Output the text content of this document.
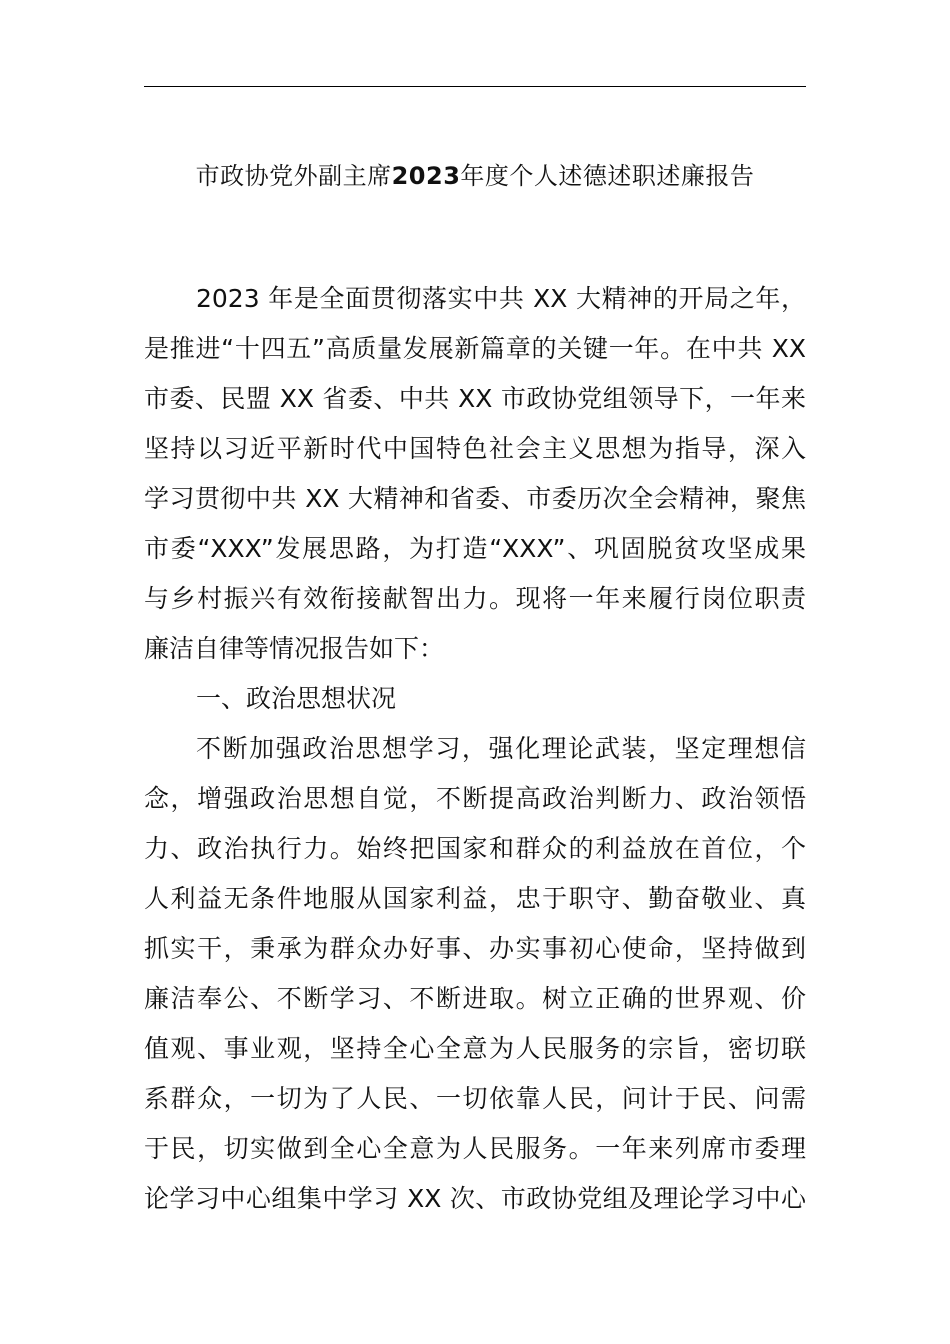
市政协党外副主席2023年度个人述德述职述廉报告
2023 年是全面贯彻落实中共 XX 大精神的开局之年，
是推进“十四五”高质量发展新篇章的关键一年。在中共 XX
市委、民盟 XX 省委、中共 XX 市政协党组领导下，一年来
坚持以习近平新时代中国特色社会主义思想为指导，深入
学习贯彻中共 XX 大精神和省委、市委历次全会精神，聚焦
市委“XXX”发展思路，为打造“XXX”、巩固脱贫攻坚成果
与乡村振兴有效衔接献智出力。现将一年来履行岗位职责
廉洁自律等情况报告如下：
一、政治思想状况
不断加强政治思想学习，强化理论武装，坚定理想信
念，增强政治思想自觉，不断提高政治判断力、政治领悟
力、政治执行力。始终把国家和群众的利益放在首位，个
人利益无条件地服从国家利益，忠于职守、勤奋敬业、真
抓实干，秉承为群众办好事、办实事初心使命，坚持做到
廉洁奉公、不断学习、不断进取。树立正确的世界观、价
值观、事业观，坚持全心全意为人民服务的宗旨，密切联
系群众，一切为了人民、一切依靠人民，问计于民、问需
于民，切实做到全心全意为人民服务。一年来列席市委理
论学习中心组集中学习 XX 次、市政协党组及理论学习中心
